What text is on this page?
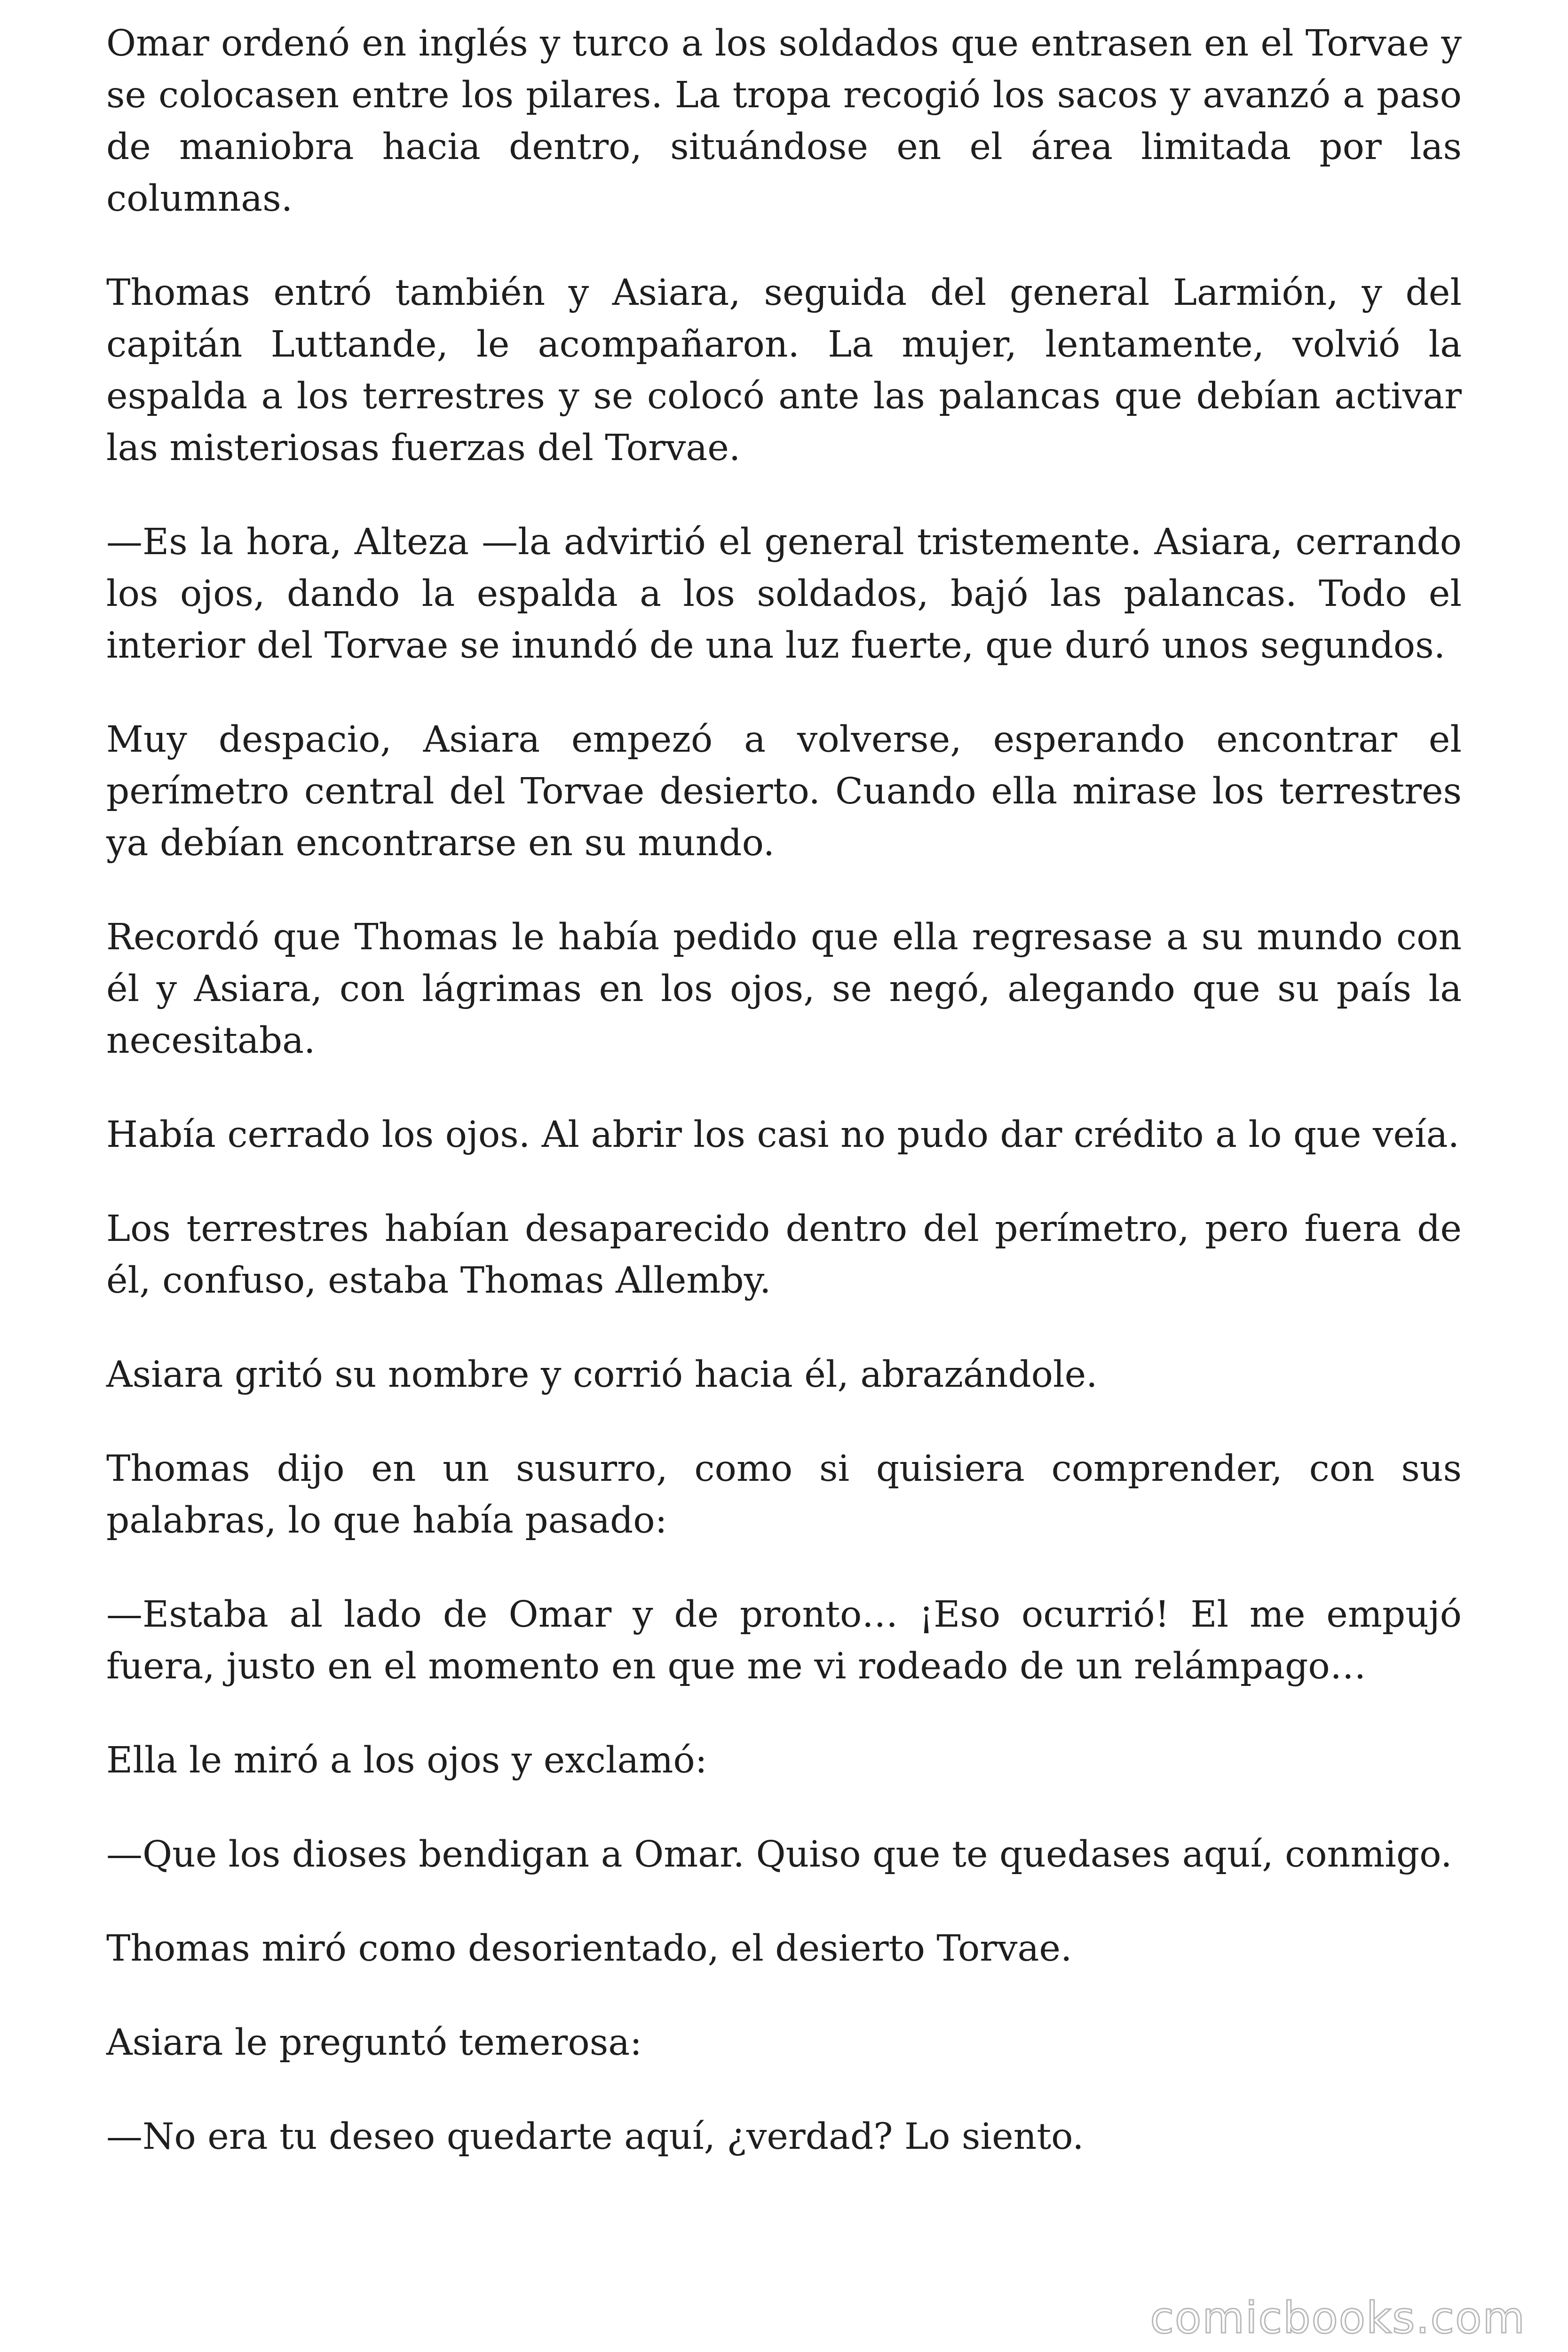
Omar ordenó en inglés y turco a los soldados que entrasen en el Torvae y se colocasen entre los pilares. La tropa recogió los sacos y avanzó a paso de maniobra hacia dentro, situándose en el área limitada por las columnas.

Thomas entró también y Asiara, seguida del general Larmión, y del capitán Luttande, le acompañaron. La mujer, lentamente, volvió la espalda a los terrestres y se colocó ante las palancas que debían activar las misteriosas fuerzas del Torvae.

—Es la hora, Alteza —la advirtió el general tristemente. Asiara, cerrando los ojos, dando la espalda a los soldados, bajó las palancas. Todo el interior del Torvae se inundó de una luz fuerte, que duró unos segundos.

Muy despacio, Asiara empezó a volverse, esperando encontrar el perímetro central del Torvae desierto. Cuando ella mirase los terrestres ya debían encontrarse en su mundo.

Recordó que Thomas le había pedido que ella regresase a su mundo con él y Asiara, con lágrimas en los ojos, se negó, alegando que su país la necesitaba.

Había cerrado los ojos. Al abrir los casi no pudo dar crédito a lo que veía.

Los terrestres habían desaparecido dentro del perímetro, pero fuera de él, confuso, estaba Thomas Allemby.

Asiara gritó su nombre y corrió hacia él, abrazándole.

Thomas dijo en un susurro, como si quisiera comprender, con sus palabras, lo que había pasado:

—Estaba al lado de Omar y de pronto… ¡Eso ocurrió! El me empujó fuera, justo en el momento en que me vi rodeado de un relámpago…

Ella le miró a los ojos y exclamó:

—Que los dioses bendigan a Omar. Quiso que te quedases aquí, conmigo.

Thomas miró como desorientado, el desierto Torvae.

Asiara le preguntó temerosa:

—No era tu deseo quedarte aquí, ¿verdad? Lo siento.

comicbooks.com
